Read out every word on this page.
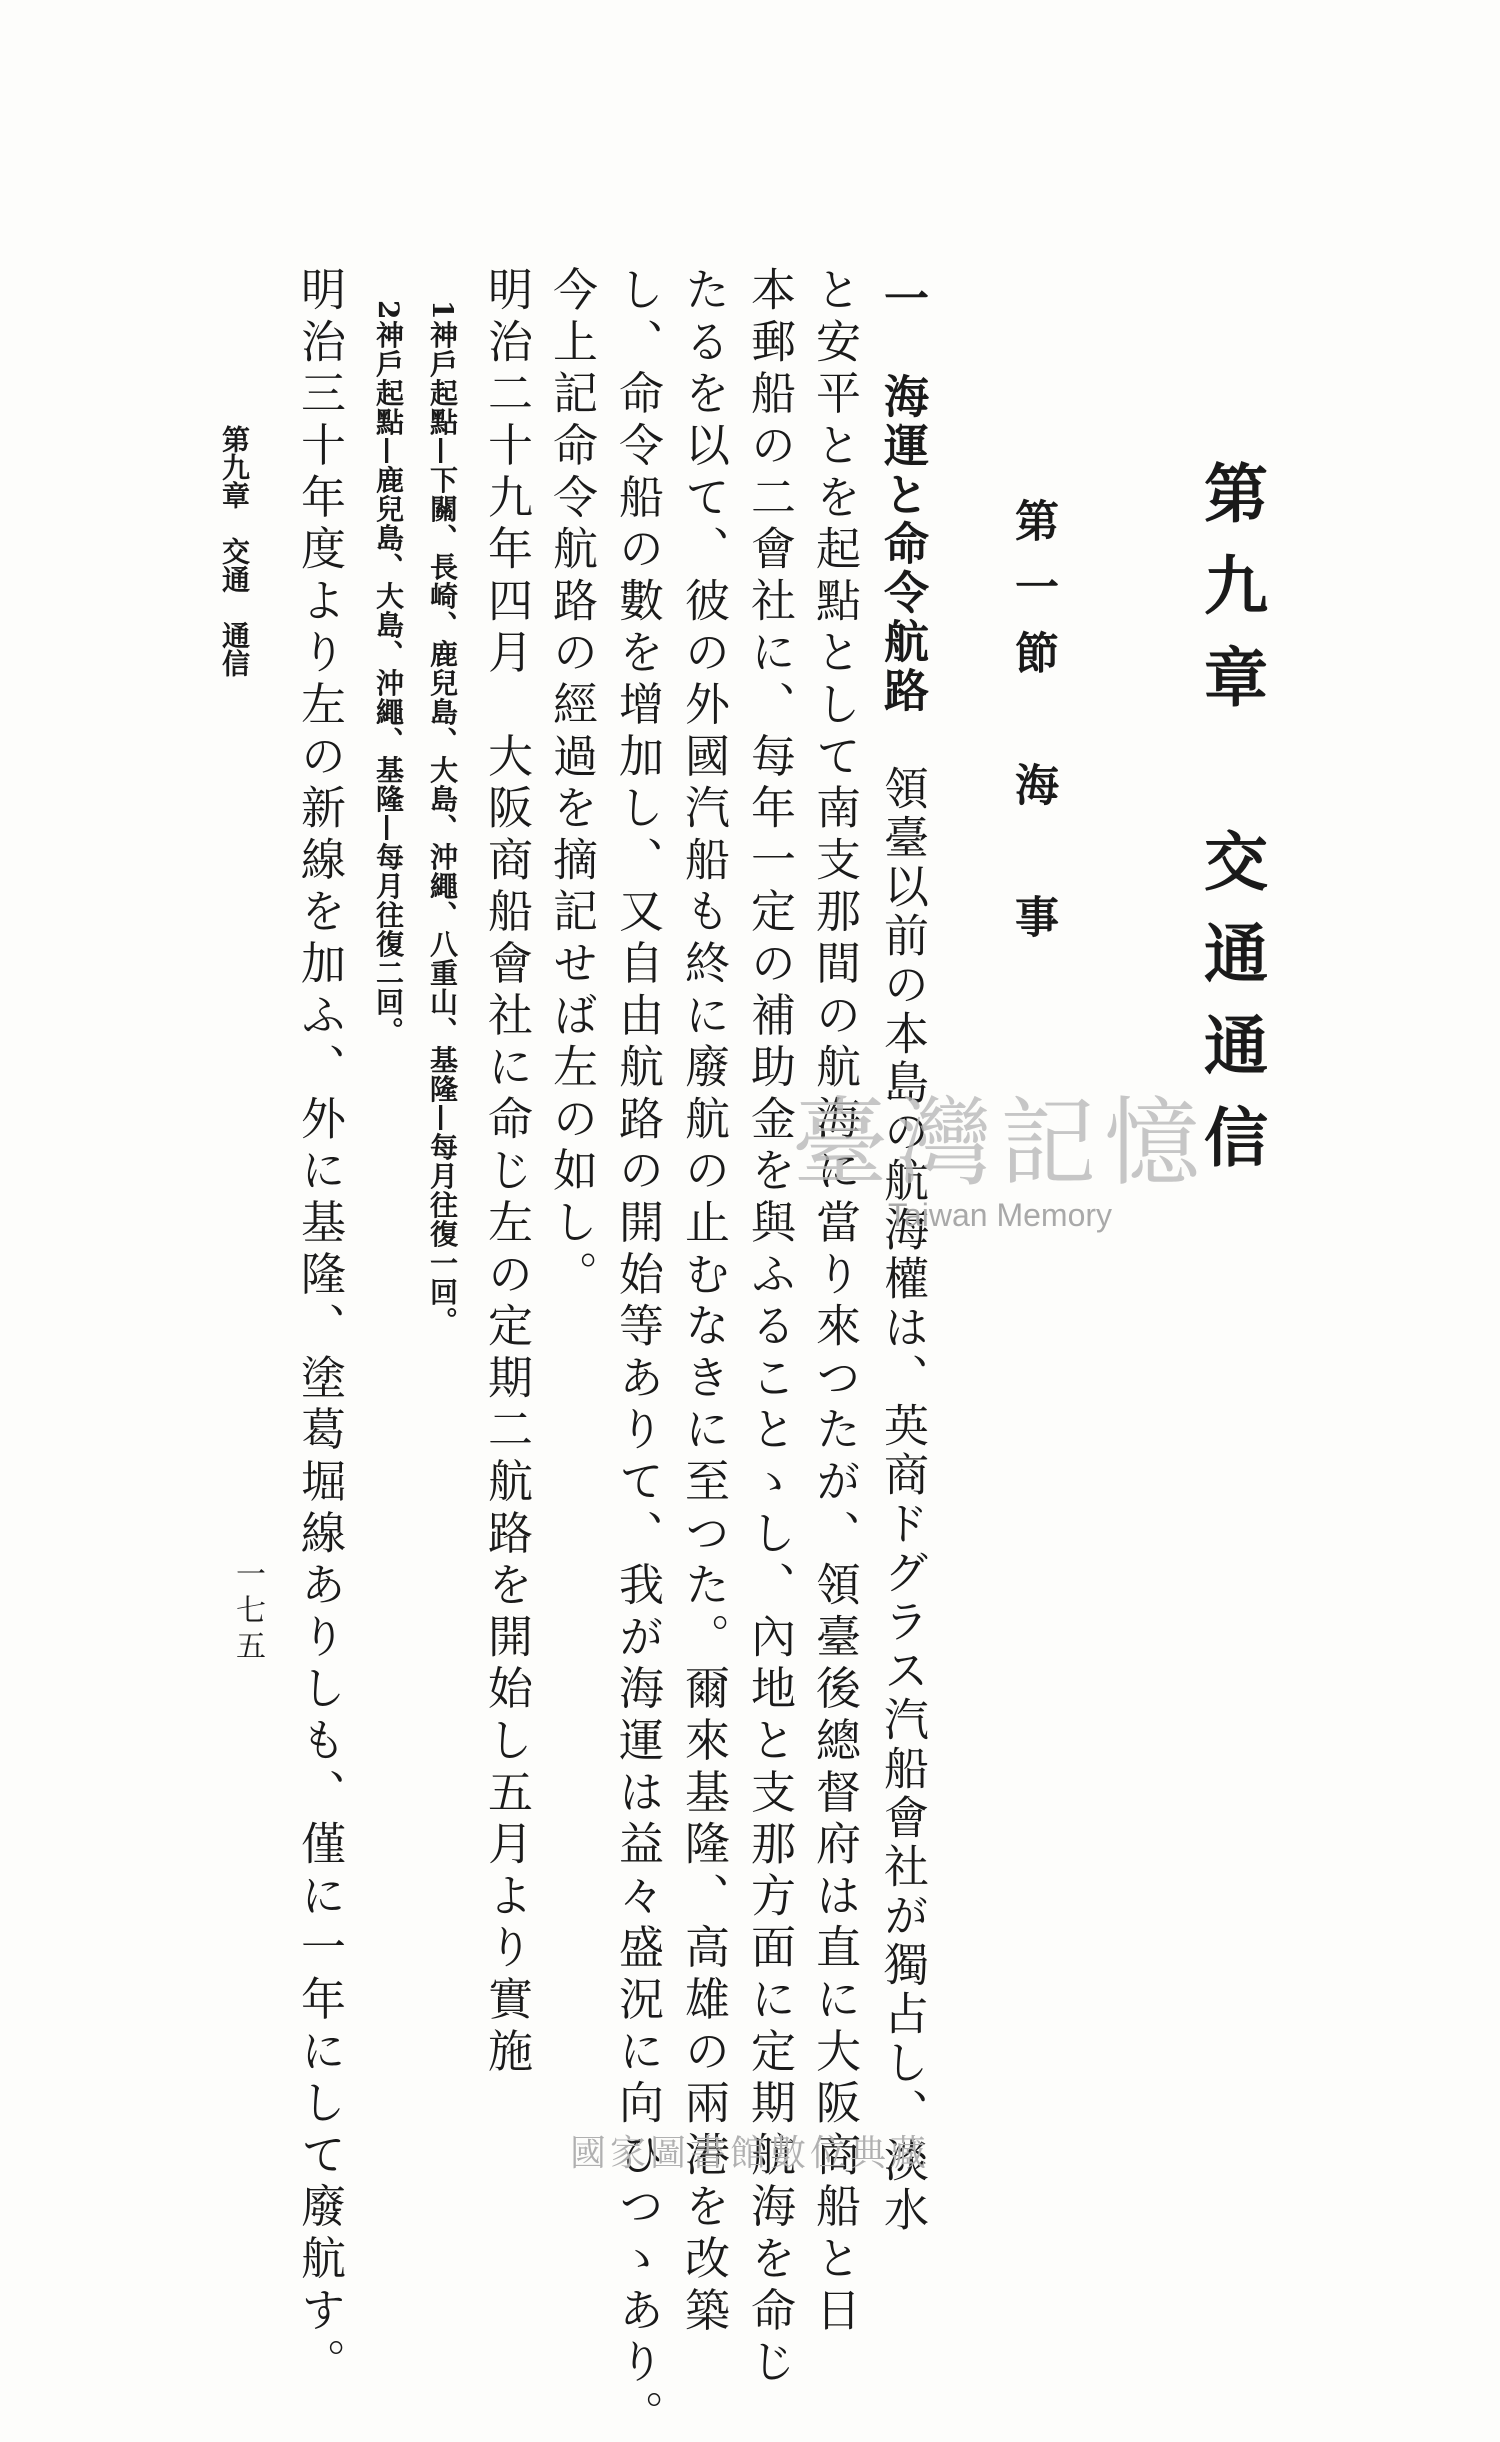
第九章　交通通信
第一節　海　事
一　海運と命令航路　領臺以前の本島の航海權は、英商ドグラス汽船會社が獨占し、淡水
と安平とを起點として南支那間の航海に當り來つたが、領臺後總督府は直に大阪商船と日
本郵船の二會社に、每年一定の補助金を與ふることゝし、內地と支那方面に定期航海を命じ
たるを以て、彼の外國汽船も終に廢航の止むなきに至つた。爾來基隆、高雄の兩港を改築
し、命令船の數を增加し、又自由航路の開始等ありて、我が海運は益々盛況に向ひつゝあり。
今上記命令航路の經過を摘記せば左の如し。
明治二十九年四月　大阪商船會社に命じ左の定期二航路を開始し五月より實施
1神戶起點—下關、長崎、鹿兒島、大島、沖繩、八重山、基隆—每月往復一回。
2神戶起點—鹿兒島、大島、沖繩、基隆—每月往復二回。
明治三十年度より左の新線を加ふ、外に基隆、塗葛堀線ありしも、僅に一年にして廢航す。
第九章　交通　通信
一七五
臺灣記憶
Taiwan Memory
國家圖書館數位典藏
